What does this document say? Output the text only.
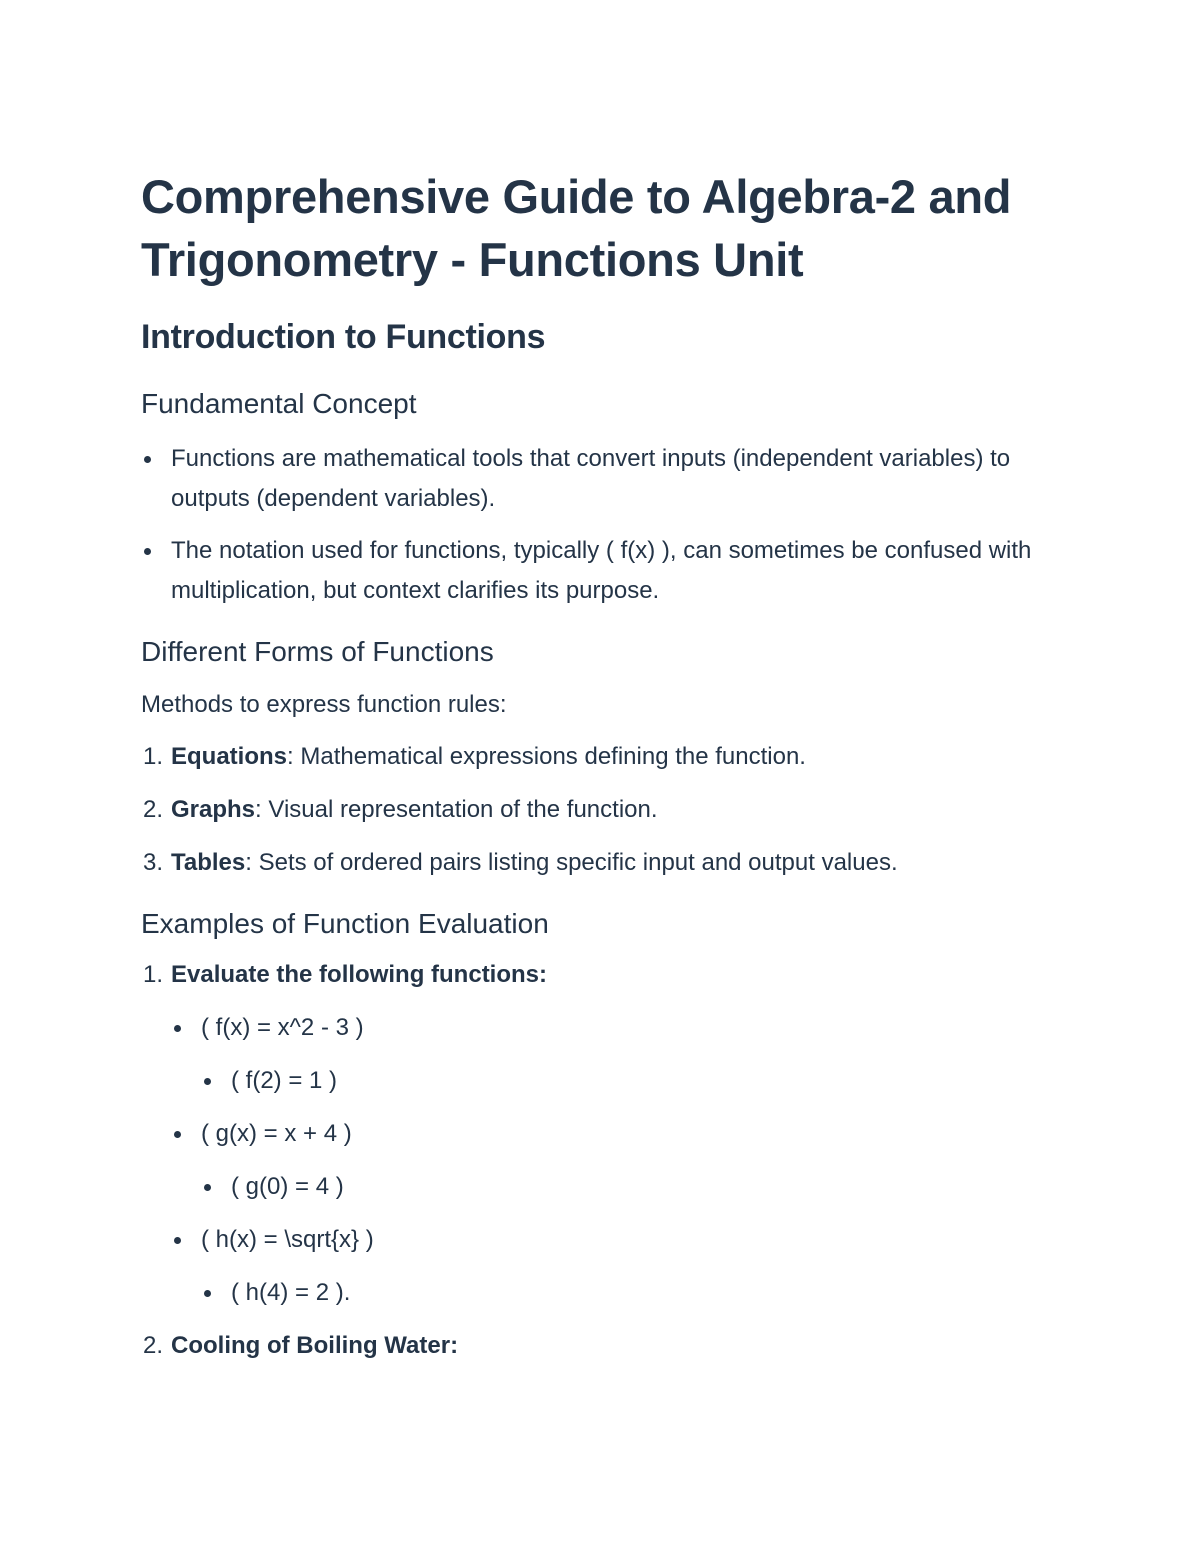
Comprehensive Guide to Algebra-2 and Trigonometry - Functions Unit
Introduction to Functions
Fundamental Concept
Functions are mathematical tools that convert inputs (independent variables) to outputs (dependent variables).
The notation used for functions, typically ( f(x) ), can sometimes be confused with multiplication, but context clarifies its purpose.
Different Forms of Functions

Methods to express function rules:

1. Equations: Mathematical expressions defining the function.
2. Graphs: Visual representation of the function.
3. Tables: Sets of ordered pairs listing specific input and output values.
Examples of Function Evaluation
1. Evaluate the following functions:
( f(x) = x^2 - 3 )
( f(2) = 1 )
( g(x) = x + 4 )
( g(0) = 4 )
( h(x) = \sqrt{x} )
( h(4) = 2 ).
2. Cooling of Boiling Water:
